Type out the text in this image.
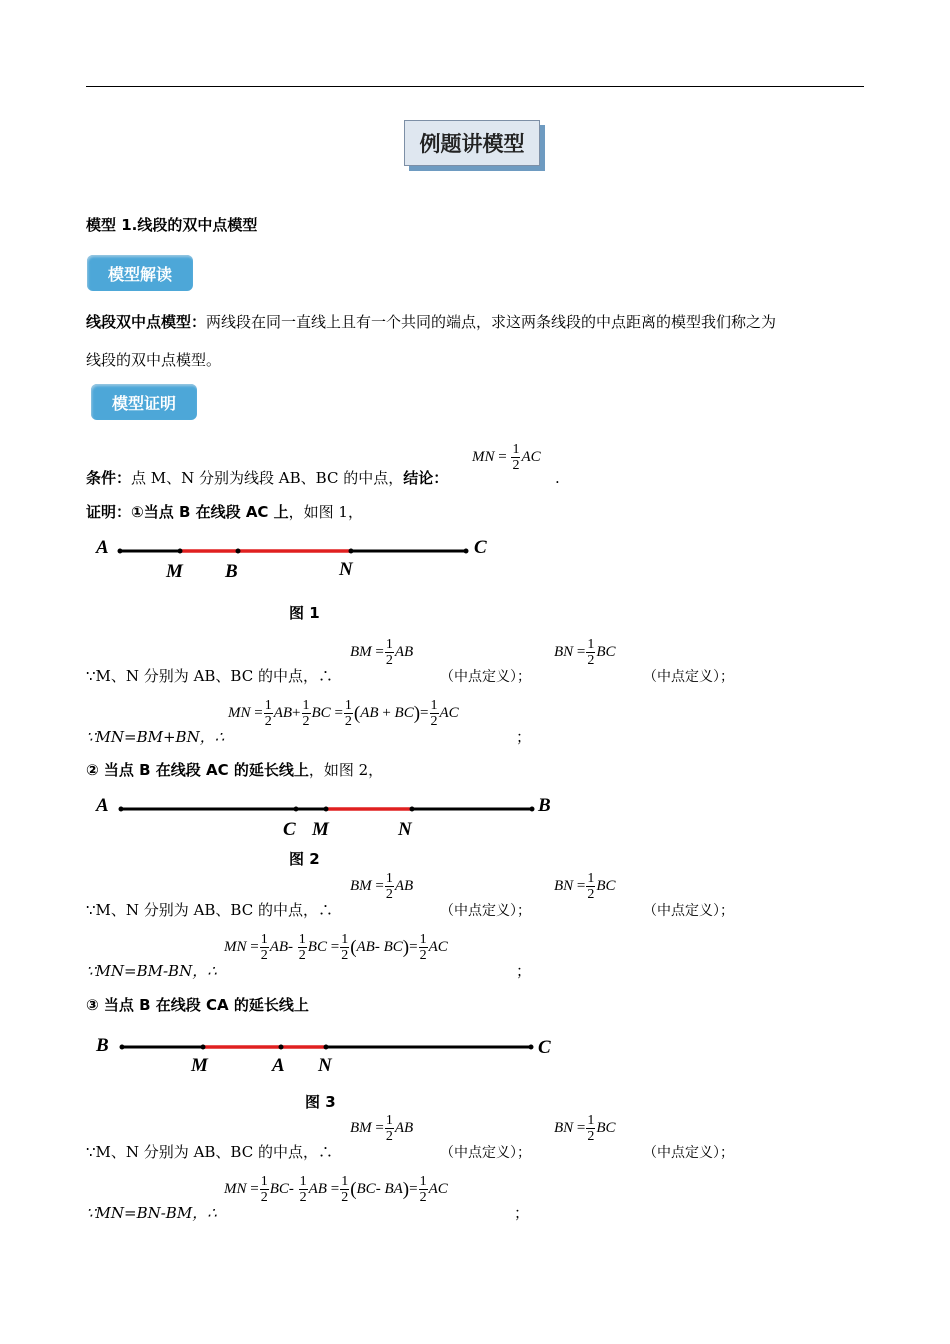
例题讲模型
模型 1.线段的双中点模型
模型解读
线段双中点模型：两线段在同一直线上且有一个共同的端点，求这两条线段的中点距离的模型我们称之为
线段的双中点模型。
模型证明
条件：点 M、N 分别为线段 AB、BC 的中点，结论：
MN =
$\frac{1}{2}$ AC
.
证明：①当点 B 在线段 AC 上，如图 1，
A
M B	N
C
图 1
∵M、N 分别为 AB、BC 的中点，∴
BM = $\frac{1}{2}$ AB
（中点定义）；
BN = $\frac{1}{2}$ BC
（中点定义）；
∵MN=BM+BN，∴
MN = $\frac{1}{2}$ AB + $\frac{1}{2}$ BC = $\frac{1}{2}$ ( AB + BC ) = $\frac{1}{2}$ AC
；
② 当点 B 在线段 AC 的延长线上，如图 2，
A
C M	N
B
图 2
∵M、N 分别为 AB、BC 的中点，∴
BM = $\frac{1}{2}$ AB
（中点定义）；
BN = $\frac{1}{2}$ BC
（中点定义）；
∵MN=BM-BN，∴
MN = $\frac{1}{2}$ AB -
$\frac{1}{2}$ BC = $\frac{1}{2}$ ( AB - BC ) = $\frac{1}{2}$ AC
；
③ 当点 B 在线段 CA 的延长线上
B
M	A N
C
图 3
∵M、N 分别为 AB、BC 的中点，∴
BM = $\frac{1}{2}$ AB
（中点定义）；
BN = $\frac{1}{2}$ BC
（中点定义）；
∵MN=BN-BM，∴
MN = $\frac{1}{2}$ BC -
$\frac{1}{2}$ AB = $\frac{1}{2}$ ( BC - BA ) = $\frac{1}{2}$ AC
；
